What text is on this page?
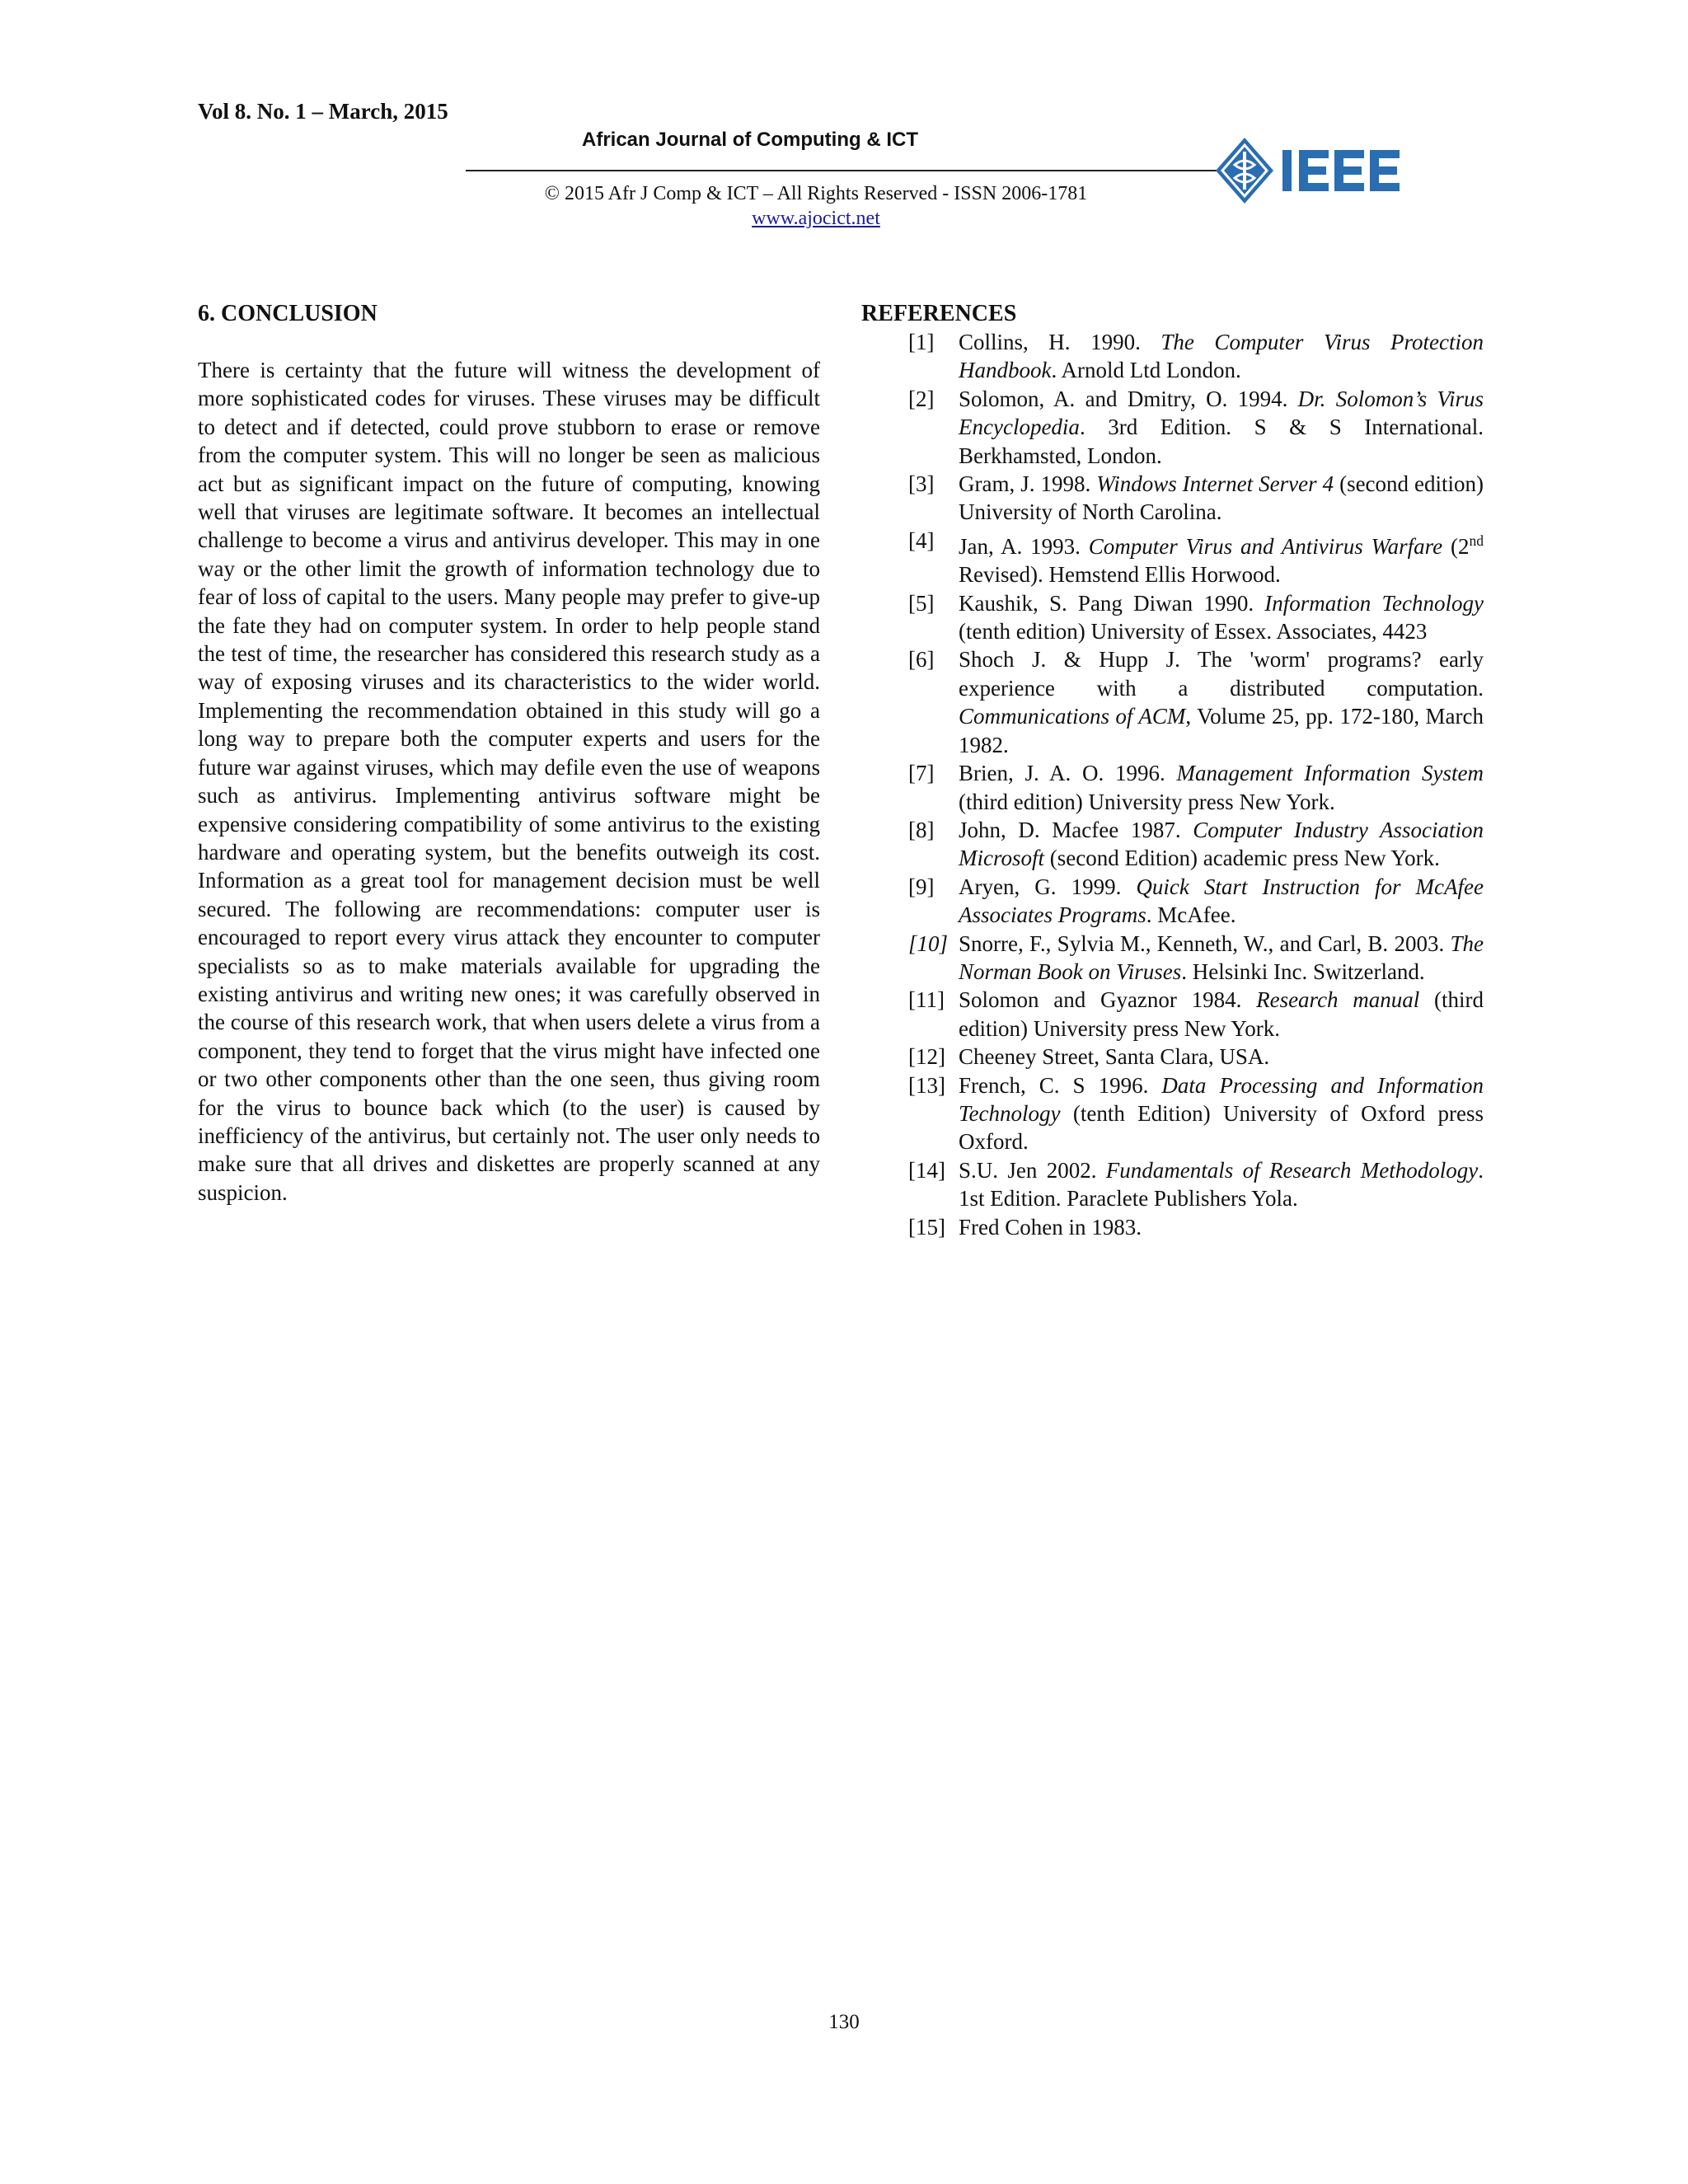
Vol 8. No. 1 – March, 2015
African Journal of Computing & ICT
© 2015 Afr J Comp & ICT – All Rights Reserved - ISSN 2006-1781
www.ajocict.net
6. CONCLUSION
There is certainty that the future will witness the development of more sophisticated codes for viruses. These viruses may be difficult to detect and if detected, could prove stubborn to erase or remove from the computer system. This will no longer be seen as malicious act but as significant impact on the future of computing, knowing well that viruses are legitimate software. It becomes an intellectual challenge to become a virus and antivirus developer. This may in one way or the other limit the growth of information technology due to fear of loss of capital to the users. Many people may prefer to give-up the fate they had on computer system. In order to help people stand the test of time, the researcher has considered this research study as a way of exposing viruses and its characteristics to the wider world. Implementing the recommendation obtained in this study will go a long way to prepare both the computer experts and users for the future war against viruses, which may defile even the use of weapons such as antivirus. Implementing antivirus software might be expensive considering compatibility of some antivirus to the existing hardware and operating system, but the benefits outweigh its cost. Information as a great tool for management decision must be well secured. The following are recommendations: computer user is encouraged to report every virus attack they encounter to computer specialists so as to make materials available for upgrading the existing antivirus and writing new ones; it was carefully observed in the course of this research work, that when users delete a virus from a component, they tend to forget that the virus might have infected one or two other components other than the one seen, thus giving room for the virus to bounce back which (to the user) is caused by inefficiency of the antivirus, but certainly not. The user only needs to make sure that all drives and diskettes are properly scanned at any suspicion.
REFERENCES
[1]	Collins, H. 1990. The Computer Virus Protection Handbook. Arnold Ltd London.
[2]	Solomon, A. and Dmitry, O. 1994. Dr. Solomon’s Virus Encyclopedia. 3rd Edition. S & S International. Berkhamsted, London.
[3]	Gram, J. 1998. Windows Internet Server 4 (second edition) University of North Carolina.
[4]	Jan, A. 1993. Computer Virus and Antivirus Warfare (2nd Revised). Hemstend Ellis Horwood.
[5]	Kaushik, S. Pang Diwan 1990. Information Technology (tenth edition) University of Essex. Associates, 4423
[6]	Shoch J. & Hupp J. The 'worm' programs? early experience with a distributed computation. Communications of ACM, Volume 25, pp. 172-180, March 1982.
[7]	Brien, J. A. O. 1996. Management Information System (third edition) University press New York.
[8]	John, D. Macfee 1987. Computer Industry Association Microsoft (second Edition) academic press New York.
[9]	Aryen, G. 1999. Quick Start Instruction for McAfee Associates Programs. McAfee.
[10] Snorre, F., Sylvia M., Kenneth, W., and Carl, B. 2003. The Norman Book on Viruses. Helsinki Inc. Switzerland.
[11] Solomon and Gyaznor 1984. Research manual (third edition) University press New York.
[12] Cheeney Street, Santa Clara, USA.
[13] French, C. S 1996. Data Processing and Information Technology (tenth Edition) University of Oxford press Oxford.
[14] S.U. Jen 2002. Fundamentals of Research Methodology. 1st Edition. Paraclete Publishers Yola.
[15] Fred Cohen in 1983.
130
